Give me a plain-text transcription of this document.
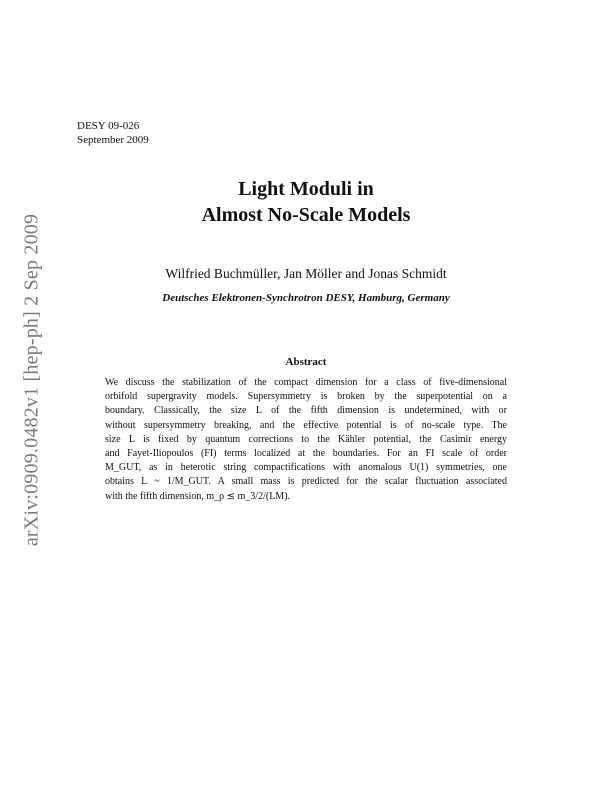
DESY 09-026
September 2009
arXiv:0909.0482v1 [hep-ph] 2 Sep 2009
Light Moduli in
Almost No-Scale Models
Wilfried Buchmüller, Jan Möller and Jonas Schmidt
Deutsches Elektronen-Synchrotron DESY, Hamburg, Germany
Abstract
We discuss the stabilization of the compact dimension for a class of five-dimensional
orbifold supergravity models. Supersymmetry is broken by the superpotential on a
boundary. Classically, the size L of the fifth dimension is undetermined, with or
without supersymmetry breaking, and the effective potential is of no-scale type. The
size L is fixed by quantum corrections to the Kähler potential, the Casimir energy
and Fayet-Iliopoulos (FI) terms localized at the boundaries. For an FI scale of order
M_GUT, as in heterotic string compactifications with anomalous U(1) symmetries, one
obtains L ~ 1/M_GUT. A small mass is predicted for the scalar fluctuation associated
with the fifth dimension, m_ρ ≲ m_3/2/(LM).
